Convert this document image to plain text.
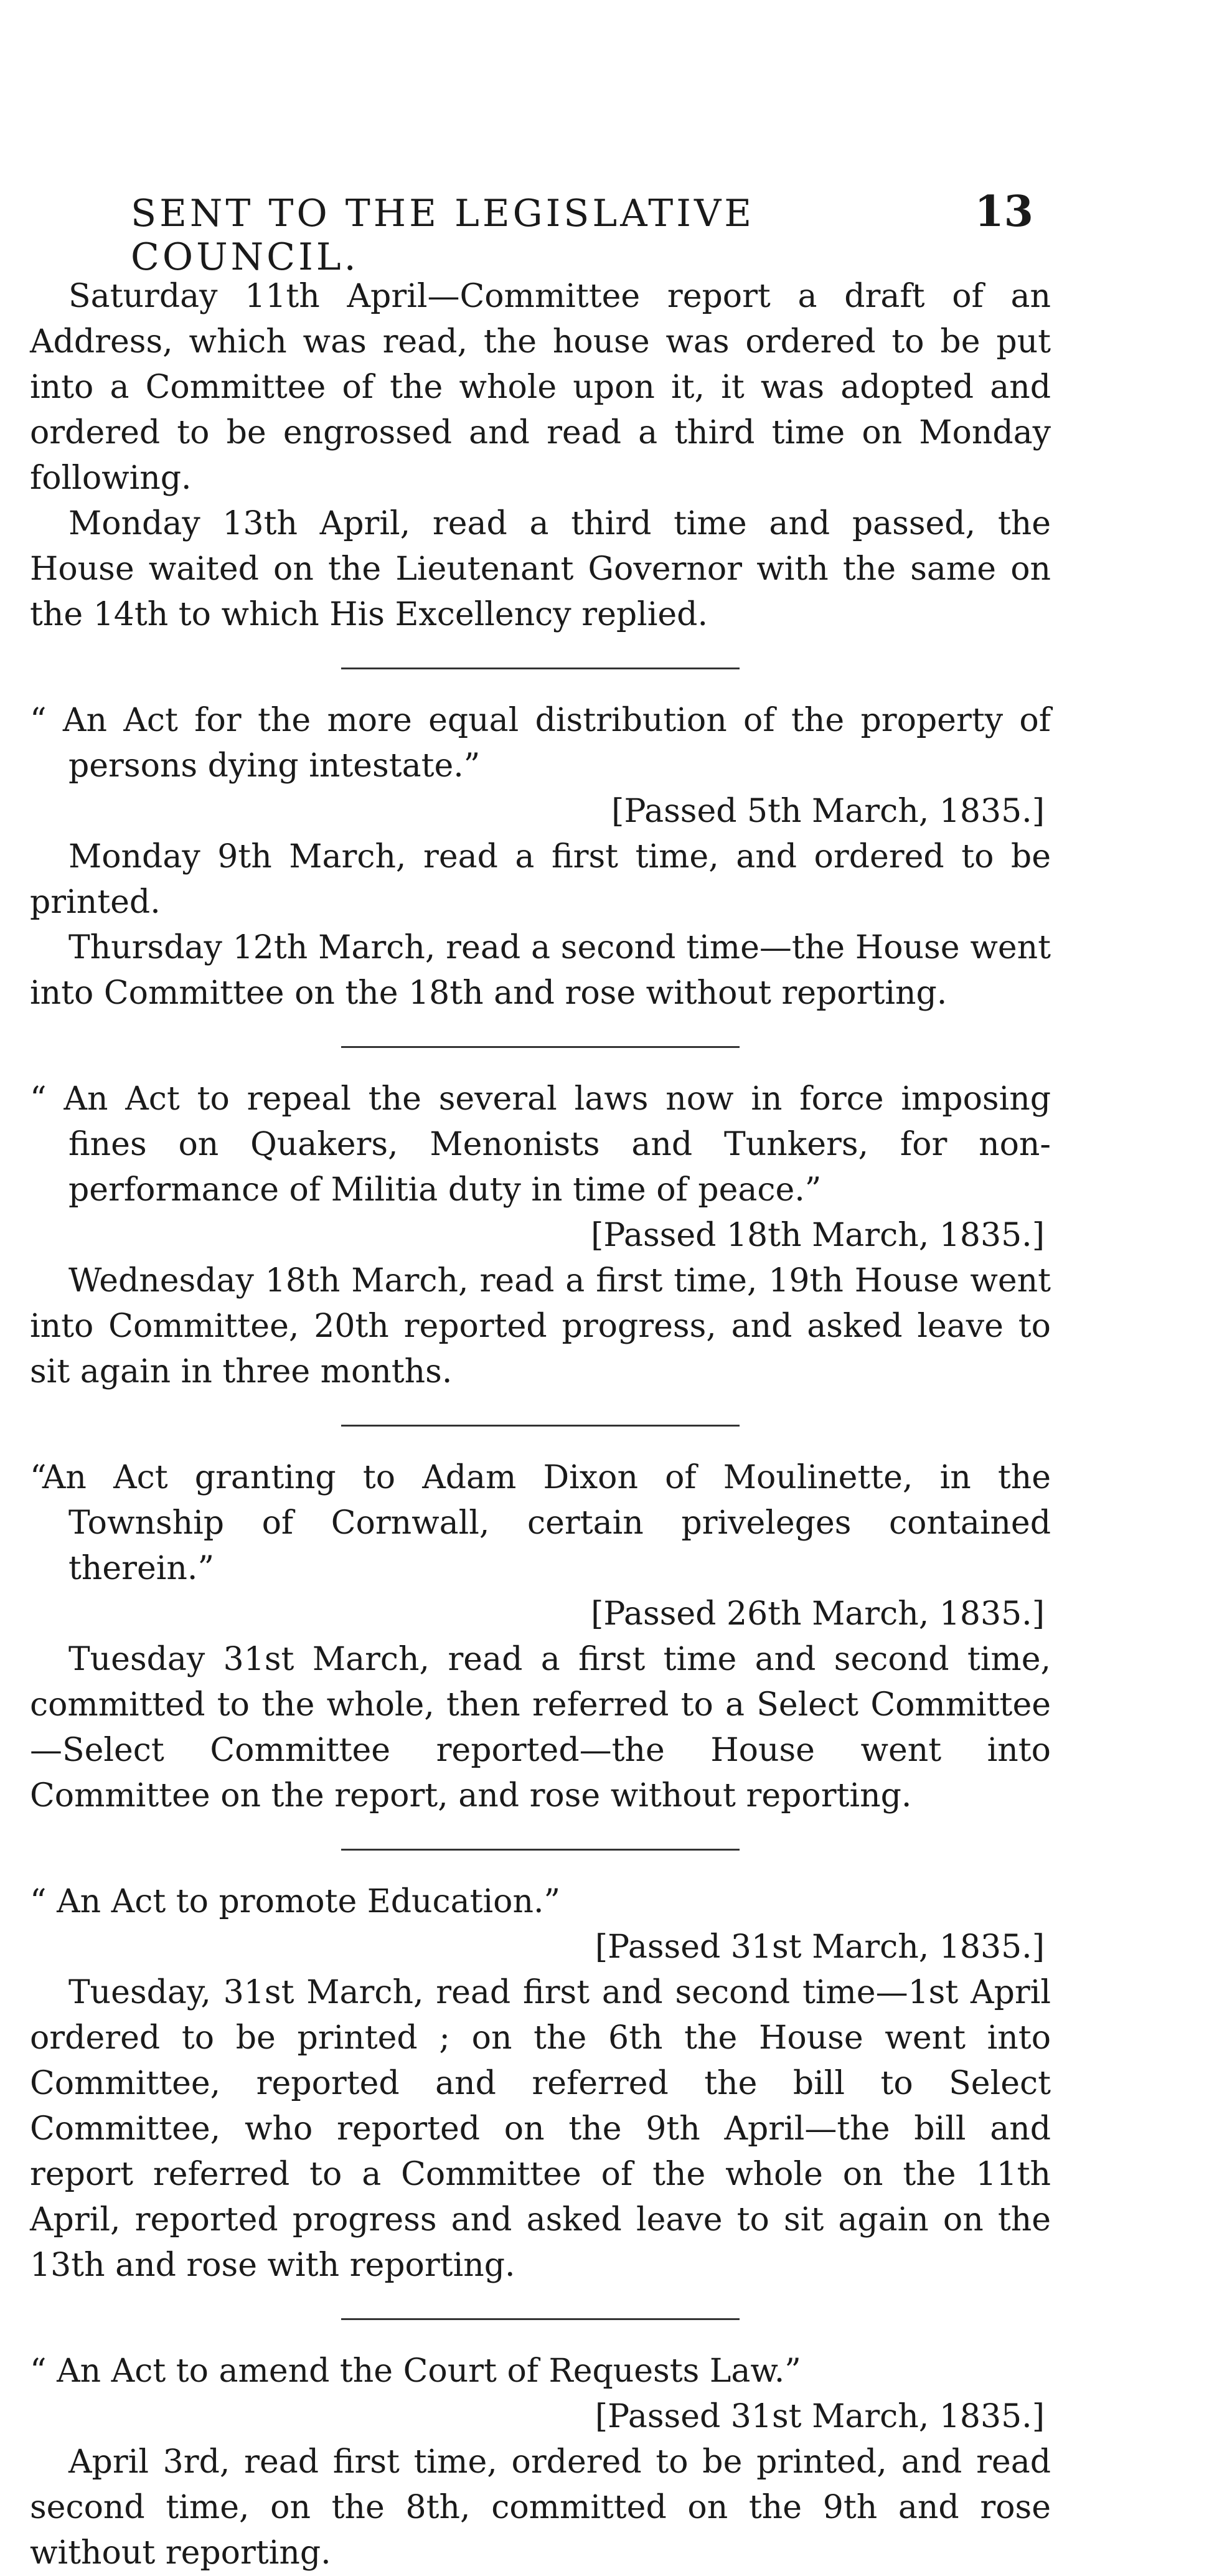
SENT TO THE LEGISLATIVE COUNCIL.
13

Saturday 11th April—Committee report a draft of an Address, which was read, the house was ordered to be put into a Committee of the whole upon it, it was adopted and ordered to be engrossed and read a third time on Monday following.

Monday 13th April, read a third time and passed, the House waited on the Lieutenant Governor with the same on the 14th to which His Excellency replied.

“ An Act for the more equal distribution of the property of persons dying intestate.”

[Passed 5th March, 1835.]

Monday 9th March, read a first time, and ordered to be printed.

Thursday 12th March, read a second time—the House went into Committee on the 18th and rose without reporting.

“ An Act to repeal the several laws now in force imposing fines on Quakers, Menonists and Tunkers, for non-performance of Militia duty in time of peace.”

[Passed 18th March, 1835.]

Wednesday 18th March, read a first time, 19th House went into Committee, 20th reported progress, and asked leave to sit again in three months.

“An Act granting to Adam Dixon of Moulinette, in the Township of Cornwall, certain priveleges contained therein.”

[Passed 26th March, 1835.]

Tuesday 31st March, read a first time and second time, committed to the whole, then referred to a Select Committee —Select Committee reported—the House went into Committee on the report, and rose without reporting.

“ An Act to promote Education.”

[Passed 31st March, 1835.]

Tuesday, 31st March, read first and second time—1st April ordered to be printed ; on the 6th the House went into Committee, reported and referred the bill to Select Committee, who reported on the 9th April—the bill and report referred to a Committee of the whole on the 11th April, reported progress and asked leave to sit again on the 13th and rose with reporting.

“ An Act to amend the Court of Requests Law.”

[Passed 31st March, 1835.]

April 3rd, read first time, ordered to be printed, and read second time, on the 8th, committed on the 9th and rose without reporting.
